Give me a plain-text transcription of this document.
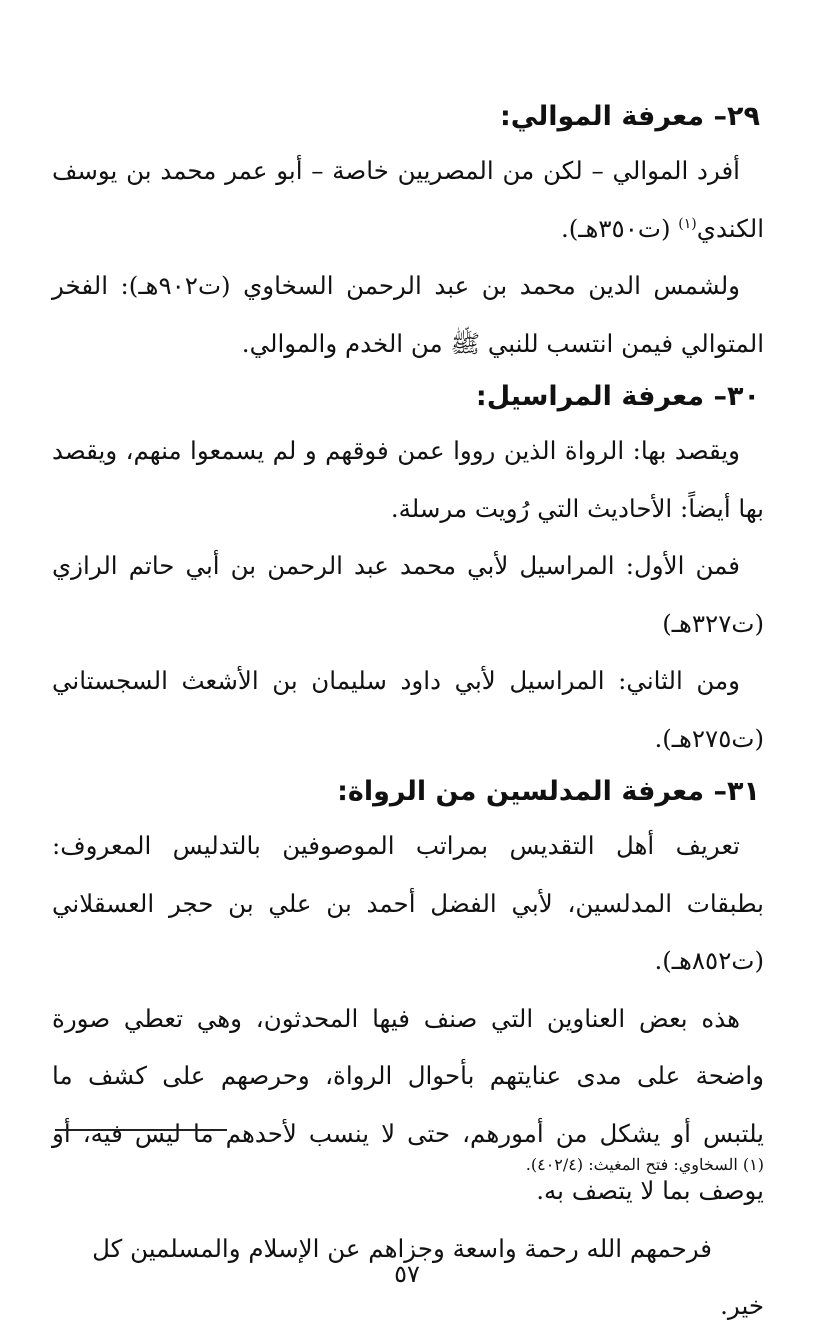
٢٩– معرفة الموالي:

أفرد الموالي – لكن من المصريين خاصة – أبو عمر محمد بن يوسف الكندي$^{(١)}$ (ت٣٥٠هـ).

ولشمس الدين محمد بن عبد الرحمن السخاوي (ت٩٠٢هـ): الفخر المتوالي فيمن انتسب للنبي ﷺ من الخدم والموالي.

٣٠– معرفة المراسيل:

ويقصد بها: الرواة الذين رووا عمن فوقهم و لم يسمعوا منهم، ويقصد بها أيضاً: الأحاديث التي رُويت مرسلة.

فمن الأول: المراسيل لأبي محمد عبد الرحمن بن أبي حاتم الرازي (ت٣٢٧هـ)

ومن الثاني: المراسيل لأبي داود سليمان بن الأشعث السجستاني (ت٢٧٥هـ).

٣١– معرفة المدلسين من الرواة:

تعريف أهل التقديس بمراتب الموصوفين بالتدليس المعروف: بطبقات المدلسين، لأبي الفضل أحمد بن علي بن حجر العسقلاني (ت٨٥٢هـ).

هذه بعض العناوين التي صنف فيها المحدثون، وهي تعطي صورة واضحة على مدى عنايتهم بأحوال الرواة، وحرصهم على كشف ما يلتبس أو يشكل من أمورهم، حتى لا ينسب لأحدهم ما ليس فيه، أو يوصف بما لا يتصف به.

فرحمهم الله رحمة واسعة وجزاهم عن الإسلام والمسلمين كل خير.

(١) السخاوي: فتح المغيث: (٤٠٢/٤).
٥٧
